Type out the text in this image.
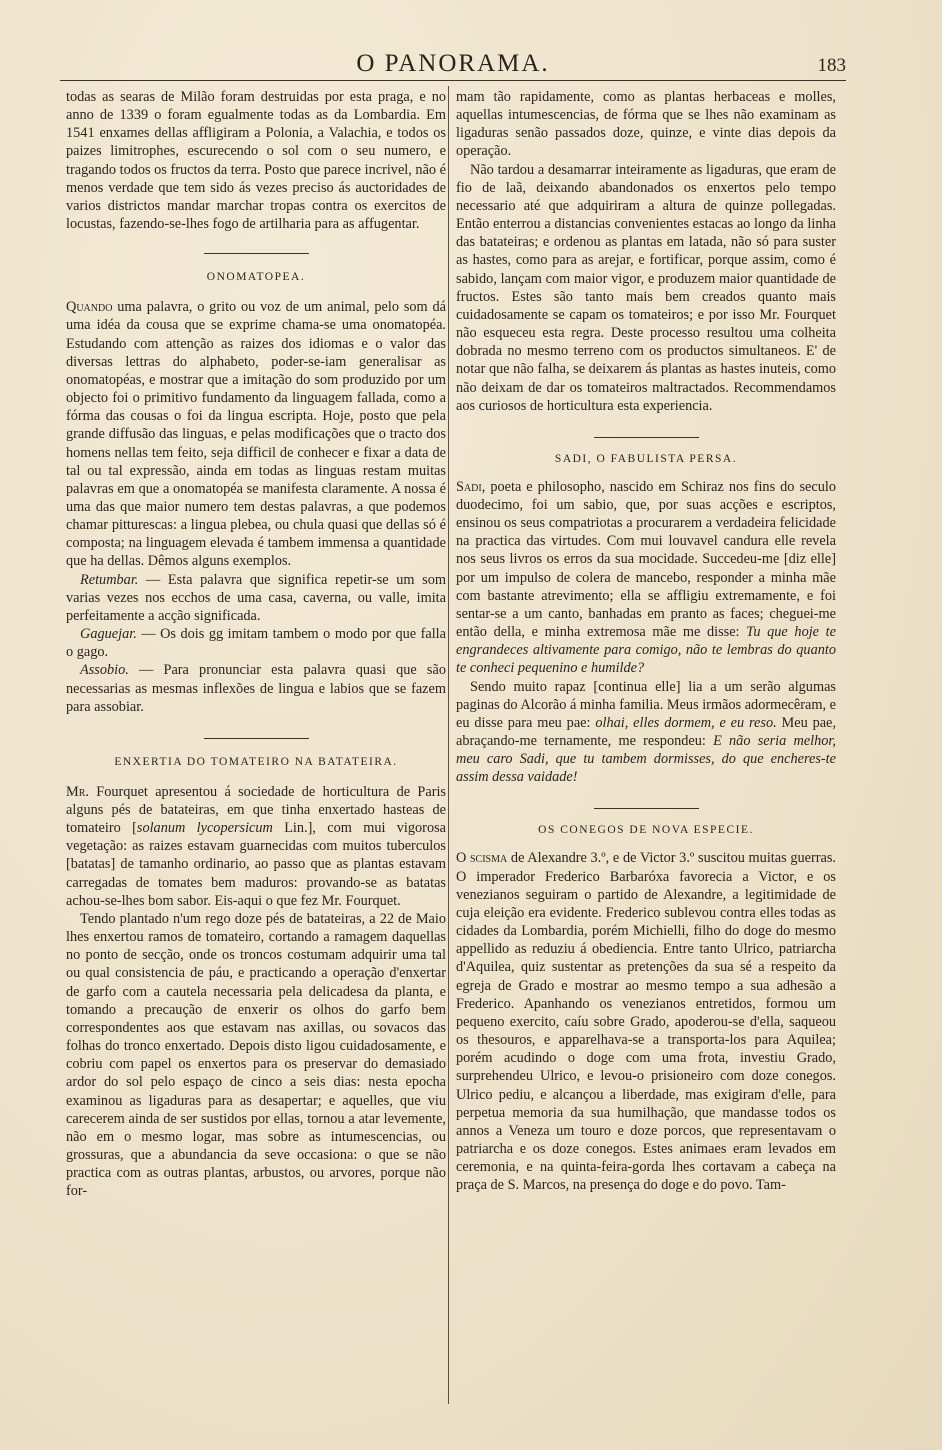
O PANORAMA.	183

todas as searas de Milão foram destruidas por esta praga, e no anno de 1339 o foram egualmente todas as da Lombardia. Em 1541 enxames dellas affligiram a Polonia, a Valachia, e todos os paizes limitrophes, escurecendo o sol com o seu numero, e tragando todos os fructos da terra. Posto que parece incrivel, não é menos verdade que tem sido ás vezes preciso ás auctoridades de varios districtos mandar marchar tropas contra os exercitos de locustas, fazendo-se-lhes fogo de artilharia para as affugentar.

ONOMATOPEA.

Quando uma palavra, o grito ou voz de um animal, pelo som dá uma idéa da cousa que se exprime chama-se uma onomatopéa. Estudando com attenção as raizes dos idiomas e o valor das diversas lettras do alphabeto, poder-se-iam generalisar as onomatopéas, e mostrar que a imitação do som produzido por um objecto foi o primitivo fundamento da linguagem fallada, como a fórma das cousas o foi da lingua escripta. Hoje, posto que pela grande diffusão das linguas, e pelas modificações que o tracto dos homens nellas tem feito, seja difficil de conhecer e fixar a data de tal ou tal expressão, ainda em todas as linguas restam muitas palavras em que a onomatopéa se manifesta claramente. A nossa é uma das que maior numero tem destas palavras, a que podemos chamar pitturescas: a lingua plebea, ou chula quasi que dellas só é composta; na linguagem elevada é tambem immensa a quantidade que ha dellas. Dêmos alguns exemplos.

Retumbar. — Esta palavra que significa repetir-se um som varias vezes nos ecchos de uma casa, caverna, ou valle, imita perfeitamente a acção significada.

Gaguejar. — Os dois gg imitam tambem o modo por que falla o gago.

Assobio. — Para pronunciar esta palavra quasi que são necessarias as mesmas inflexões de lingua e labios que se fazem para assobiar.

ENXERTIA DO TOMATEIRO NA BATATEIRA.

Mr. Fourquet apresentou á sociedade de horticultura de Paris alguns pés de batateiras, em que tinha enxertado hasteas de tomateiro [solanum lycopersicum Lin.], com mui vigorosa vegetação: as raizes estavam guarnecidas com muitos tuberculos [batatas] de tamanho ordinario, ao passo que as plantas estavam carregadas de tomates bem maduros: provando-se as batatas achou-se-lhes bom sabor. Eis-aqui o que fez Mr. Fourquet.

Tendo plantado n'um rego doze pés de batateiras, a 22 de Maio lhes enxertou ramos de tomateiro, cortando a ramagem daquellas no ponto de secção, onde os troncos costumam adquirir uma tal ou qual consistencia de páu, e practicando a operação d'enxertar de garfo com a cautela necessaria pela delicadesa da planta, e tomando a precaução de enxerir os olhos do garfo bem correspondentes aos que estavam nas axillas, ou sovacos das folhas do tronco enxertado. Depois disto ligou cuidadosamente, e cobriu com papel os enxertos para os preservar do demasiado ardor do sol pelo espaço de cinco a seis dias: nesta epocha examinou as ligaduras para as desapertar; e aquelles, que viu carecerem ainda de ser sustidos por ellas, tornou a atar levemente, não em o mesmo logar, mas sobre as intumescencias, ou grossuras, que a abundancia da seve occasiona: o que se não practica com as outras plantas, arbustos, ou arvores, porque não for-

mam tão rapidamente, como as plantas herbaceas e molles, aquellas intumescencias, de fórma que se lhes não examinam as ligaduras senão passados doze, quinze, e vinte dias depois da operação.

Não tardou a desamarrar inteiramente as ligaduras, que eram de fio de laã, deixando abandonados os enxertos pelo tempo necessario até que adquiriram a altura de quinze pollegadas. Então enterrou a distancias convenientes estacas ao longo da linha das batateiras; e ordenou as plantas em latada, não só para suster as hastes, como para as arejar, e fortificar, porque assim, como é sabido, lançam com maior vigor, e produzem maior quantidade de fructos. Estes são tanto mais bem creados quanto mais cuidadosamente se capam os tomateiros; e por isso Mr. Fourquet não esqueceu esta regra. Deste processo resultou uma colheita dobrada no mesmo terreno com os productos simultaneos. E' de notar que não falha, se deixarem ás plantas as hastes inuteis, como não deixam de dar os tomateiros maltractados. Recommendamos aos curiosos de horticultura esta experiencia.

SADI, O FABULISTA PERSA.

Sadi, poeta e philosopho, nascido em Schiraz nos fins do seculo duodecimo, foi um sabio, que, por suas acções e escriptos, ensinou os seus compatriotas a procurarem a verdadeira felicidade na practica das virtudes. Com mui louvavel candura elle revela nos seus livros os erros da sua mocidade. Succedeu-me [diz elle] por um impulso de colera de mancebo, responder a minha mãe com bastante atrevimento; ella se affligiu extremamente, e foi sentar-se a um canto, banhadas em pranto as faces; cheguei-me então della, e minha extremosa mãe me disse: Tu que hoje te engrandeces altivamente para comigo, não te lembras do quanto te conheci pequenino e humilde?

Sendo muito rapaz [continua elle] lia a um serão algumas paginas do Alcorão á minha familia. Meus irmãos adormecêram, e eu disse para meu pae: olhai, elles dormem, e eu reso. Meu pae, abraçando-me ternamente, me respondeu: E não seria melhor, meu caro Sadi, que tu tambem dormisses, do que encheres-te assim dessa vaidade!

OS CONEGOS DE NOVA ESPECIE.

O scisma de Alexandre 3.º, e de Victor 3.º suscitou muitas guerras. O imperador Frederico Barbaróxa favorecia a Victor, e os venezianos seguiram o partido de Alexandre, a legitimidade de cuja eleição era evidente. Frederico sublevou contra elles todas as cidades da Lombardia, porém Michielli, filho do doge do mesmo appellido as reduziu á obediencia. Entre tanto Ulrico, patriarcha d'Aquilea, quiz sustentar as pretenções da sua sé a respeito da egreja de Grado e mostrar ao mesmo tempo a sua adhesão a Frederico. Apanhando os venezianos entretidos, formou um pequeno exercito, caíu sobre Grado, apoderou-se d'ella, saqueou os thesouros, e apparelhava-se a transporta-los para Aquilea; porém acudindo o doge com uma frota, investiu Grado, surprehendeu Ulrico, e levou-o prisioneiro com doze conegos. Ulrico pediu, e alcançou a liberdade, mas exigiram d'elle, para perpetua memoria da sua humilhação, que mandasse todos os annos a Veneza um touro e doze porcos, que representavam o patriarcha e os doze conegos. Estes animaes eram levados em ceremonia, e na quinta-feira-gorda lhes cortavam a cabeça na praça de S. Marcos, na presença do doge e do povo. Tam-
